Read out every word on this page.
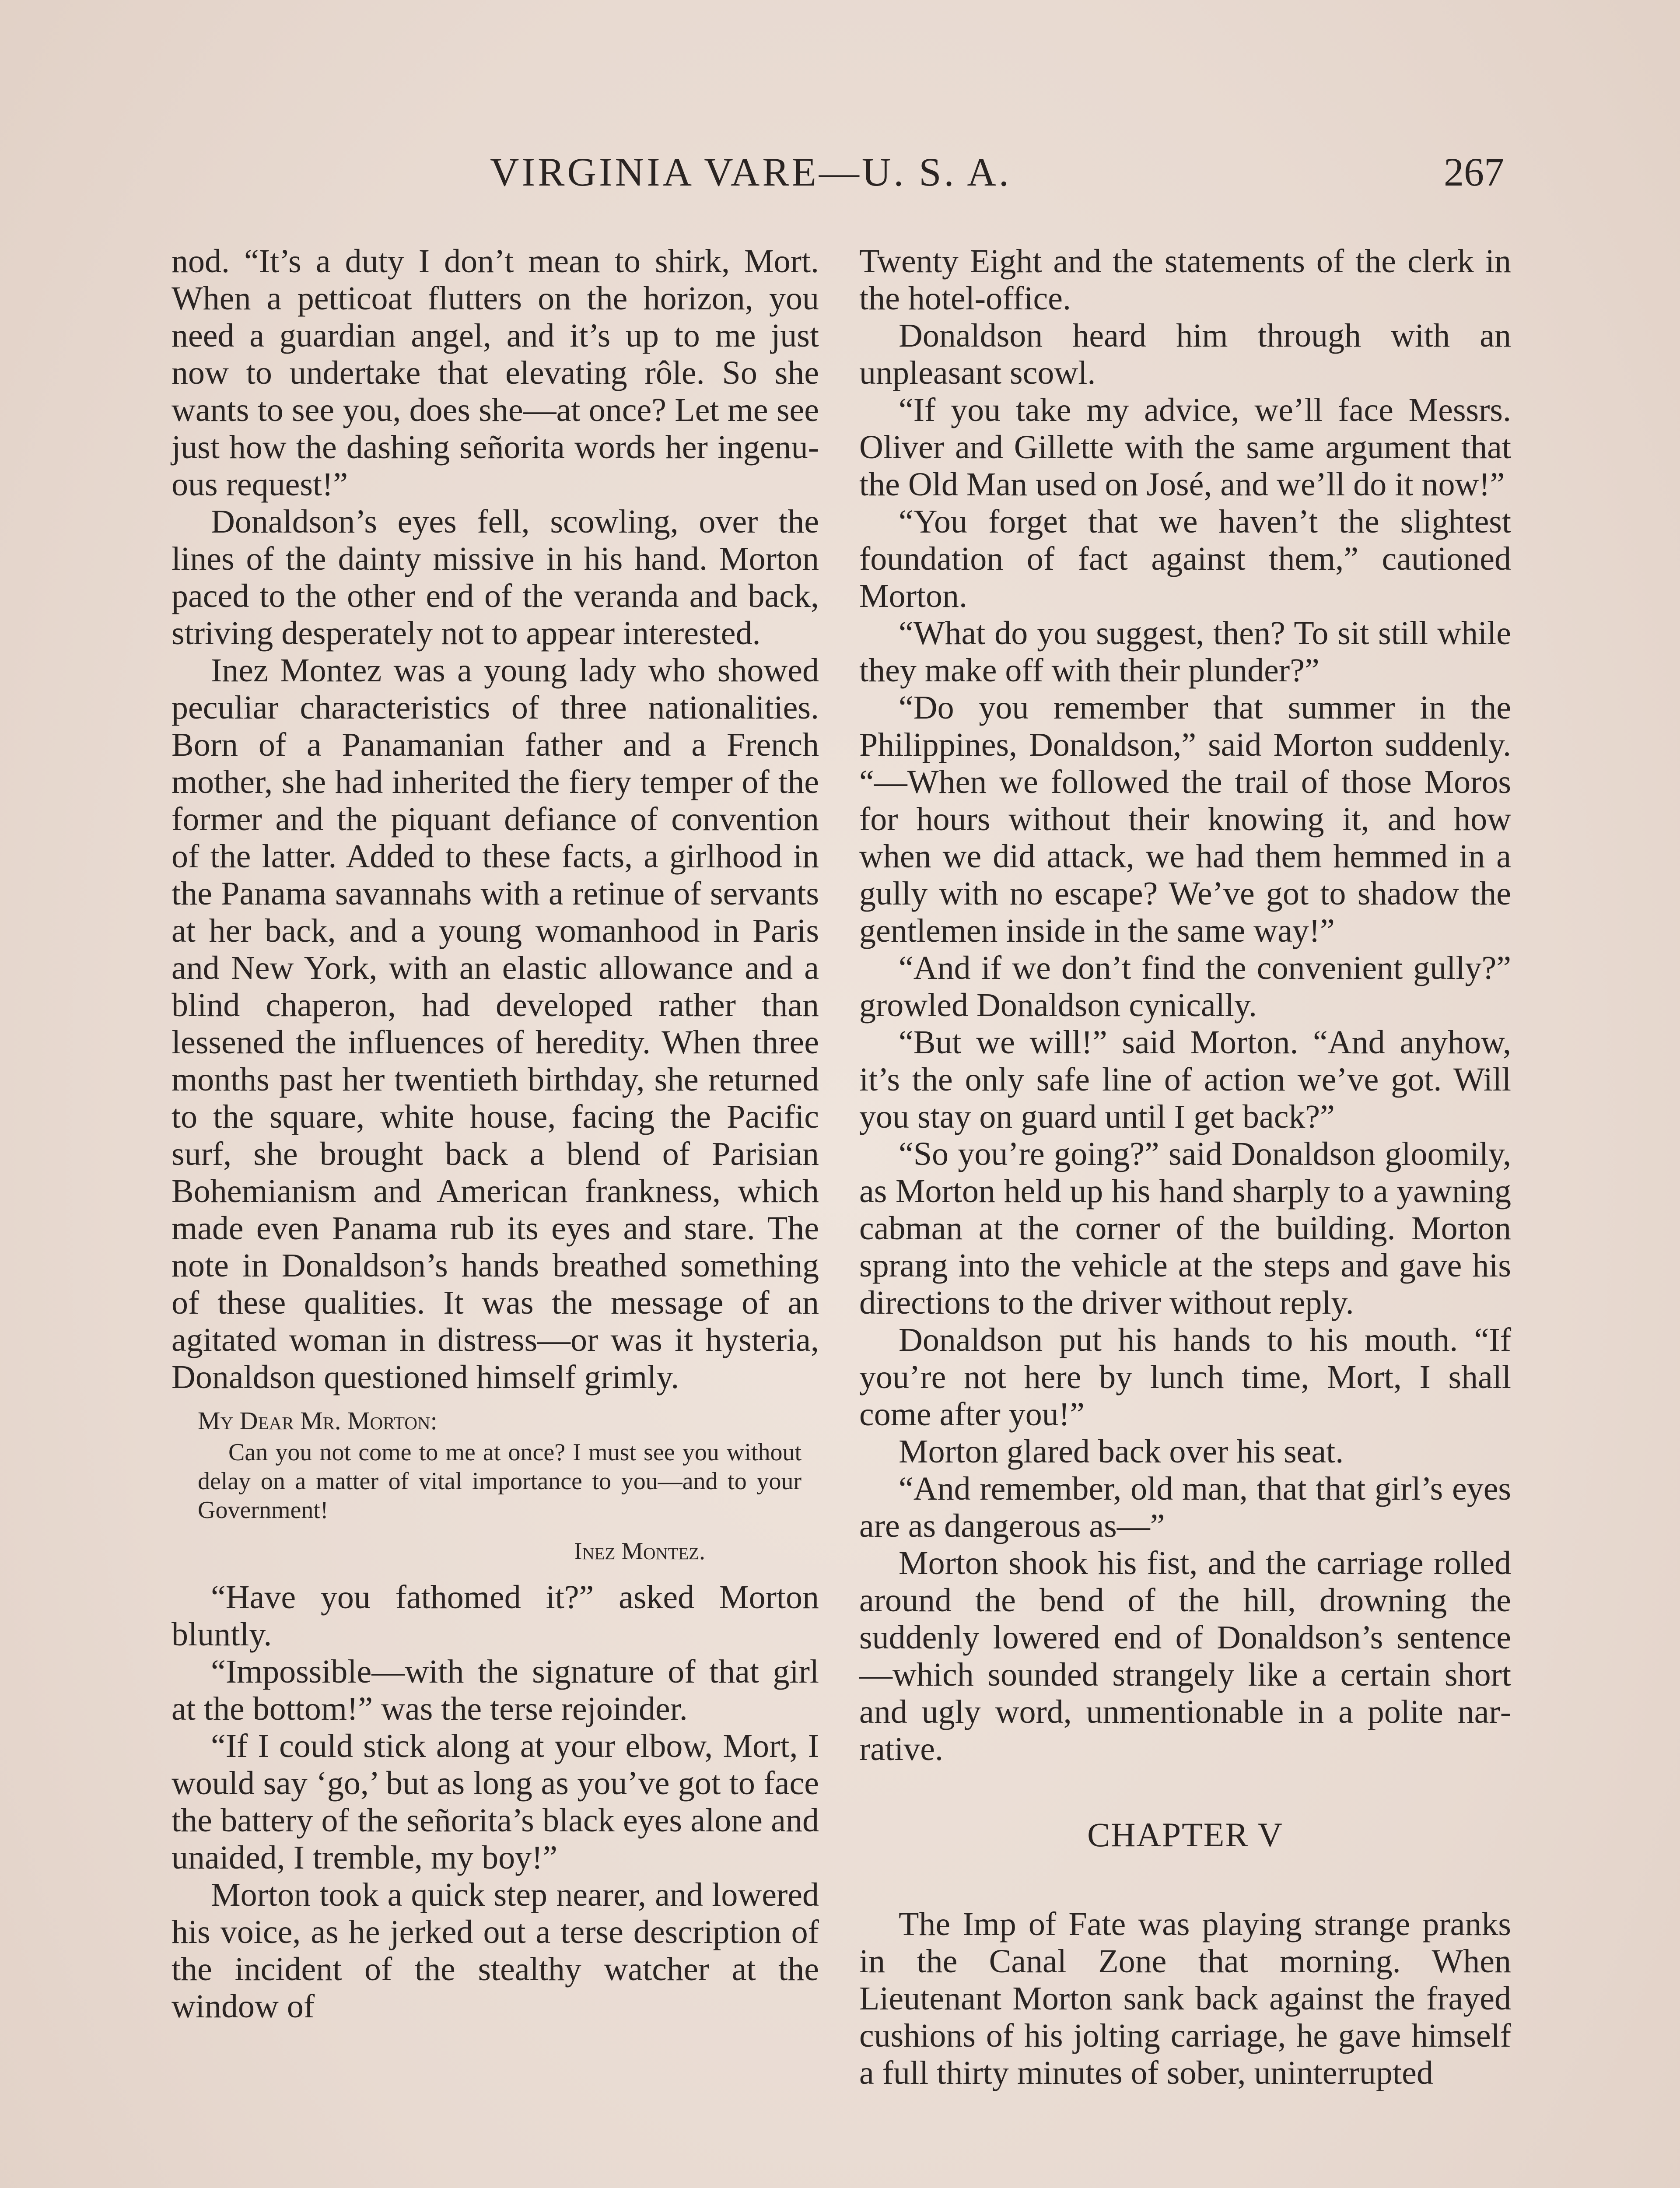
VIRGINIA VARE—U. S. A.	267

nod. “It’s a duty I don’t mean to shirk, Mort. When a petticoat flutters on the horizon, you need a guardian angel, and it’s up to me just now to undertake that elevating rôle. So she wants to see you, does she—at once? Let me see just how the dashing señorita words her ingenuous request!”

Donaldson’s eyes fell, scowling, over the lines of the dainty missive in his hand. Morton paced to the other end of the veranda and back, striving desperately not to appear interested.

Inez Montez was a young lady who showed peculiar characteristics of three nationalities. Born of a Panamanian father and a French mother, she had inherited the fiery temper of the former and the piquant defiance of convention of the latter. Added to these facts, a girlhood in the Panama savannahs with a retinue of servants at her back, and a young womanhood in Paris and New York, with an elastic allowance and a blind chaperon, had developed rather than lessened the influences of heredity. When three months past her twentieth birthday, she returned to the square, white house, facing the Pacific surf, she brought back a blend of Parisian Bohemianism and American frankness, which made even Panama rub its eyes and stare. The note in Donaldson’s hands breathed something of these qualities. It was the message of an agitated woman in distress—or was it hysteria, Donaldson questioned himself grimly.

My Dear Mr. Morton:
Can you not come to me at once? I must see you without delay on a matter of vital importance to you—and to your Government!
Inez Montez.

“Have you fathomed it?” asked Morton bluntly.

“Impossible—with the signature of that girl at the bottom!” was the terse rejoinder.

“If I could stick along at your elbow, Mort, I would say ‘go,’ but as long as you’ve got to face the battery of the señorita’s black eyes alone and unaided, I tremble, my boy!”

Morton took a quick step nearer, and lowered his voice, as he jerked out a terse description of the incident of the stealthy watcher at the window of

Twenty Eight and the statements of the clerk in the hotel-office.

Donaldson heard him through with an unpleasant scowl.

“If you take my advice, we’ll face Messrs. Oliver and Gillette with the same argument that the Old Man used on José, and we’ll do it now!”

“You forget that we haven’t the slightest foundation of fact against them,” cautioned Morton.

“What do you suggest, then? To sit still while they make off with their plunder?”

“Do you remember that summer in the Philippines, Donaldson,” said Morton suddenly. “—When we followed the trail of those Moros for hours without their knowing it, and how when we did attack, we had them hemmed in a gully with no escape? We’ve got to shadow the gentlemen inside in the same way!”

“And if we don’t find the convenient gully?” growled Donaldson cynically.

“But we will!” said Morton. “And anyhow, it’s the only safe line of action we’ve got. Will you stay on guard until I get back?”

“So you’re going?” said Donaldson gloomily, as Morton held up his hand sharply to a yawning cabman at the corner of the building. Morton sprang into the vehicle at the steps and gave his directions to the driver without reply.

Donaldson put his hands to his mouth. “If you’re not here by lunch time, Mort, I shall come after you!”

Morton glared back over his seat.

“And remember, old man, that that girl’s eyes are as dangerous as—”

Morton shook his fist, and the carriage rolled around the bend of the hill, drowning the suddenly lowered end of Donaldson’s sentence—which sounded strangely like a certain short and ugly word, unmentionable in a polite narrative.

CHAPTER V

The Imp of Fate was playing strange pranks in the Canal Zone that morning. When Lieutenant Morton sank back against the frayed cushions of his jolting carriage, he gave himself a full thirty minutes of sober, uninterrupted
